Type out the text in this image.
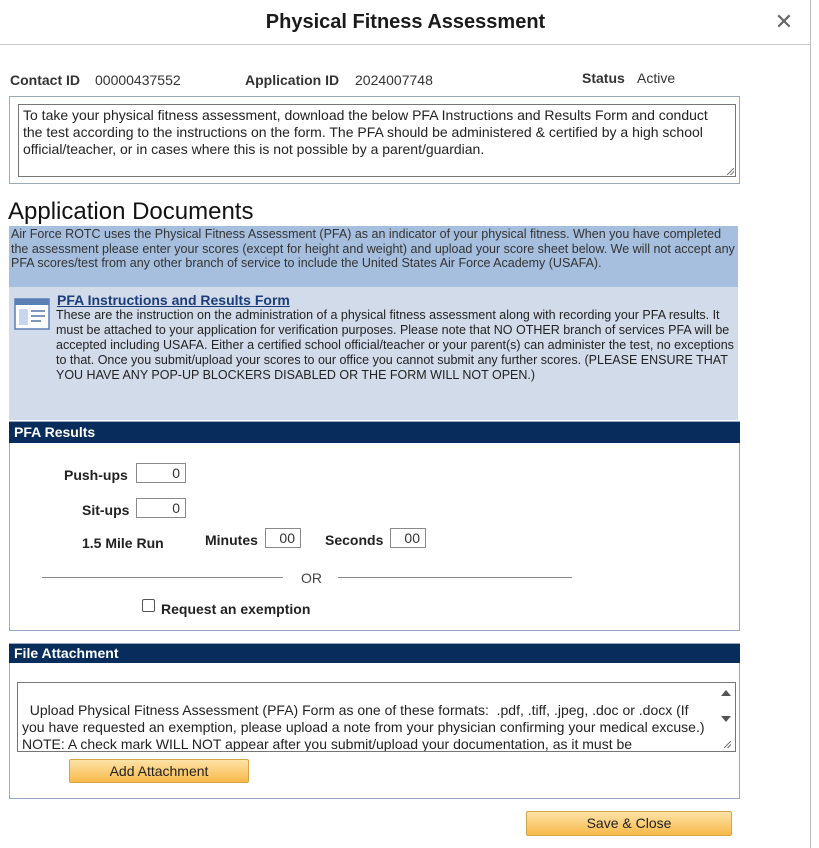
Physical Fitness Assessment	✕
Contact ID 00000437552	Application ID 2024007748	Status Active
To take your physical fitness assessment, download the below PFA Instructions and Results Form and conduct the test according to the instructions on the form. The PFA should be administered & certified by a high school official/teacher, or in cases where this is not possible by a parent/guardian.
Application Documents
Air Force ROTC uses the Physical Fitness Assessment (PFA) as an indicator of your physical fitness. When you have completed the assessment please enter your scores (except for height and weight) and upload your score sheet below. We will not accept any PFA scores/test from any other branch of service to include the United States Air Force Academy (USAFA).
PFA Instructions and Results Form
These are the instruction on the administration of a physical fitness assessment along with recording your PFA results. It must be attached to your application for verification purposes. Please note that NO OTHER branch of services PFA will be accepted including USAFA. Either a certified school official/teacher or your parent(s) can administer the test, no exceptions to that. Once you submit/upload your scores to our office you cannot submit any further scores. (PLEASE ENSURE THAT YOU HAVE ANY POP-UP BLOCKERS DISABLED OR THE FORM WILL NOT OPEN.)
PFA Results
Push-ups	0
Sit-ups	0
1.5 Mile Run	Minutes	00	Seconds	00
OR
Request an exemption
File Attachment

Upload Physical Fitness Assessment (PFA) Form as one of these formats:  .pdf, .tiff, .jpeg, .doc or .docx (If you have requested an exemption, please upload a note from your physician confirming your medical excuse.)
NOTE: A check mark WILL NOT appear after you submit/upload your documentation, as it must be

Add Attachment
Save & Close
